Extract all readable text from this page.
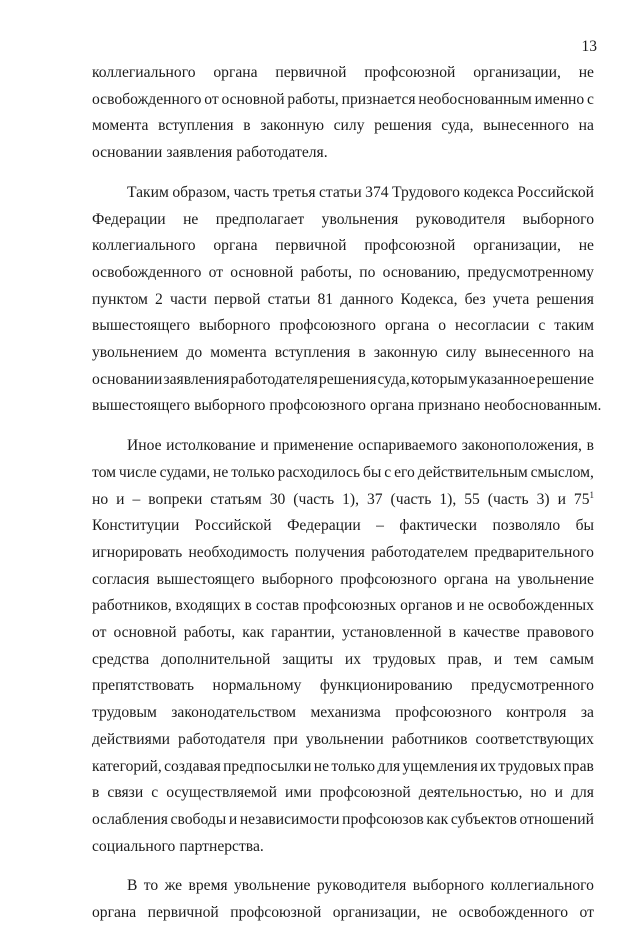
13
коллегиального органа первичной профсоюзной организации, не
освобожденного от основной работы, признается необоснованным именно с
момента вступления в законную силу решения суда, вынесенного на
основании заявления работодателя.
Таким образом, часть третья статьи 374 Трудового кодекса Российской
Федерации не предполагает увольнения руководителя выборного
коллегиального органа первичной профсоюзной организации, не
освобожденного от основной работы, по основанию, предусмотренному
пунктом 2 части первой статьи 81 данного Кодекса, без учета решения
вышестоящего выборного профсоюзного органа о несогласии с таким
увольнением до момента вступления в законную силу вынесенного на
основании заявления работодателя решения суда, которым указанное решение
вышестоящего выборного профсоюзного органа признано необоснованным.
Иное истолкование и применение оспариваемого законоположения, в
том числе судами, не только расходилось бы с его действительным смыслом,
но и – вопреки статьям 30 (часть 1), 37 (часть 1), 55 (часть 3) и $75^1$
Конституции Российской Федерации – фактически позволяло бы
игнорировать необходимость получения работодателем предварительного
согласия вышестоящего выборного профсоюзного органа на увольнение
работников, входящих в состав профсоюзных органов и не освобожденных
от основной работы, как гарантии, установленной в качестве правового
средства дополнительной защиты их трудовых прав, и тем самым
препятствовать нормальному функционированию предусмотренного
трудовым законодательством механизма профсоюзного контроля за
действиями работодателя при увольнении работников соответствующих
категорий, создавая предпосылки не только для ущемления их трудовых прав
в связи с осуществляемой ими профсоюзной деятельностью, но и для
ослабления свободы и независимости профсоюзов как субъектов отношений
социального партнерства.
В то же время увольнение руководителя выборного коллегиального
органа первичной профсоюзной организации, не освобожденного от
